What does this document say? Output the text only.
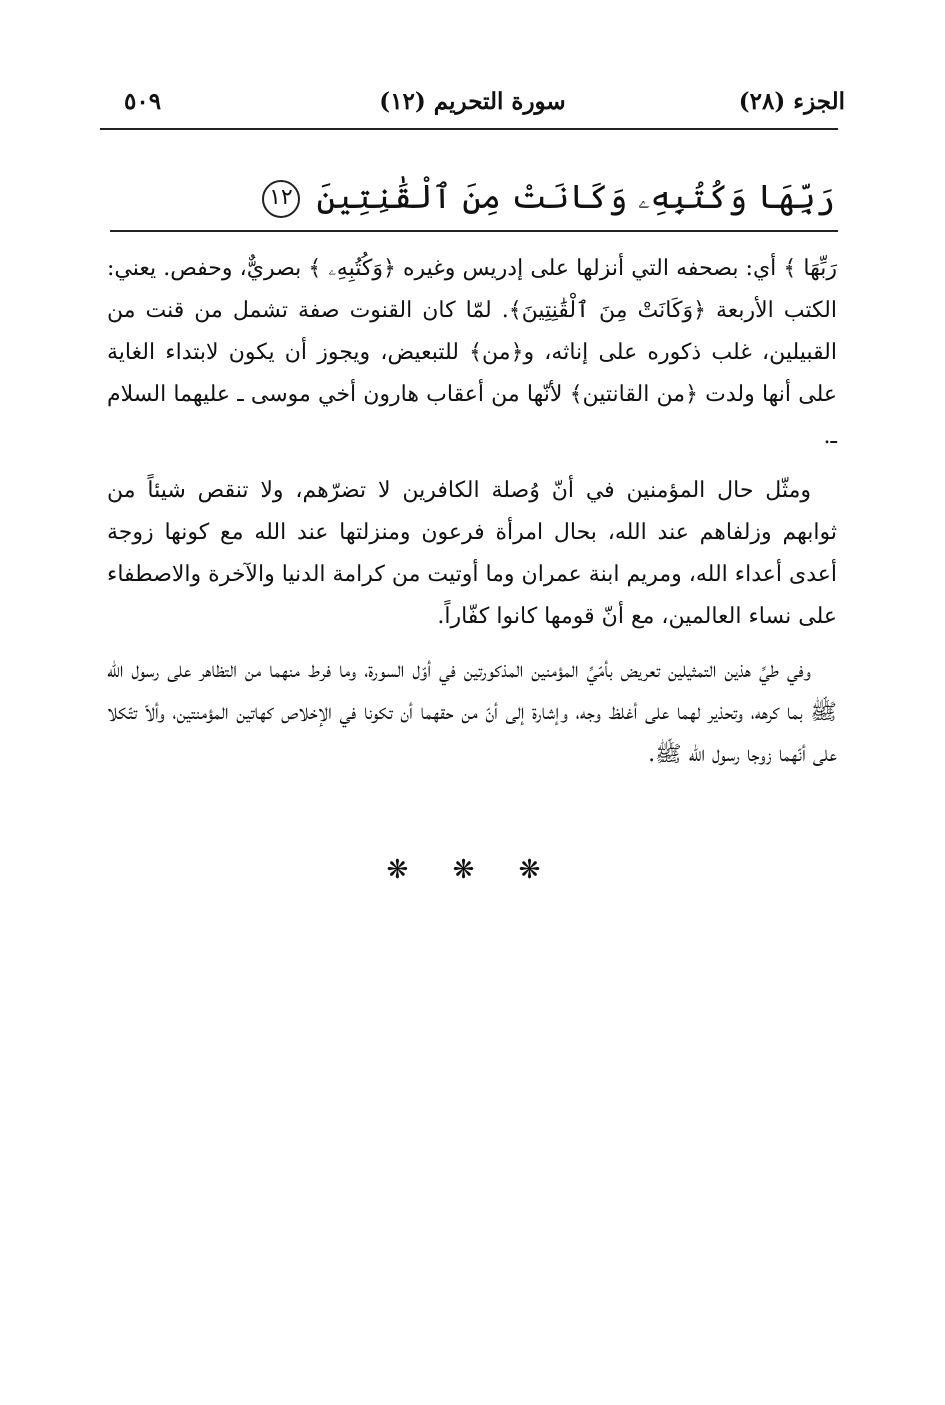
الجزء (٢٨)
سورة التحريم (١٢)
٥٠٩
رَبِّهَا وَكُتُبِهِۦ وَكَانَتْ مِنَ ٱلْقَٰنِتِينَ ١٢

رَبِّهَا ﴾ أي: بصحفه التي أنزلها على إدريس وغيره ﴿وَكُتُبِهِۦ ﴾ بصريٌّ، وحفص. يعني: الكتب الأربعة ﴿وَكَانَتْ مِنَ ٱلْقَٰنِتِينَ﴾. لمّا كان القنوت صفة تشمل من قنت من القبيلين، غلب ذكوره على إناثه، و﴿من﴾ للتبعيض، ويجوز أن يكون لابتداء الغاية على أنها ولدت ﴿من القانتين﴾ لأنّها من أعقاب هارون أخي موسى ـ عليهما السلام ـ.

ومثّل حال المؤمنين في أنّ وُصلة الكافرين لا تضرّهم، ولا تنقص شيئاً من ثوابهم وزلفاهم عند الله، بحال امرأة فرعون ومنزلتها عند الله مع كونها زوجة أعدى أعداء الله، ومريم ابنة عمران وما أوتيت من كرامة الدنيا والآخرة والاصطفاء على نساء العالمين، مع أنّ قومها كانوا كفّاراً.

وفي طيِّ هذين التمثيلين تعريض بأمّيِّ المؤمنين المذكورتين في أوّل السورة، وما فرط منهما من التظاهر على رسول الله ﷺ بما كرهه، وتحذير لهما على أغلظ وجه، وإشارة إلى أنّ من حقهما أن تكونا في الإخلاص كهاتين المؤمنتين، وألاّ تتّكلا على أنّهما زوجا رسول الله ﷺ.

❋ ❋ ❋
